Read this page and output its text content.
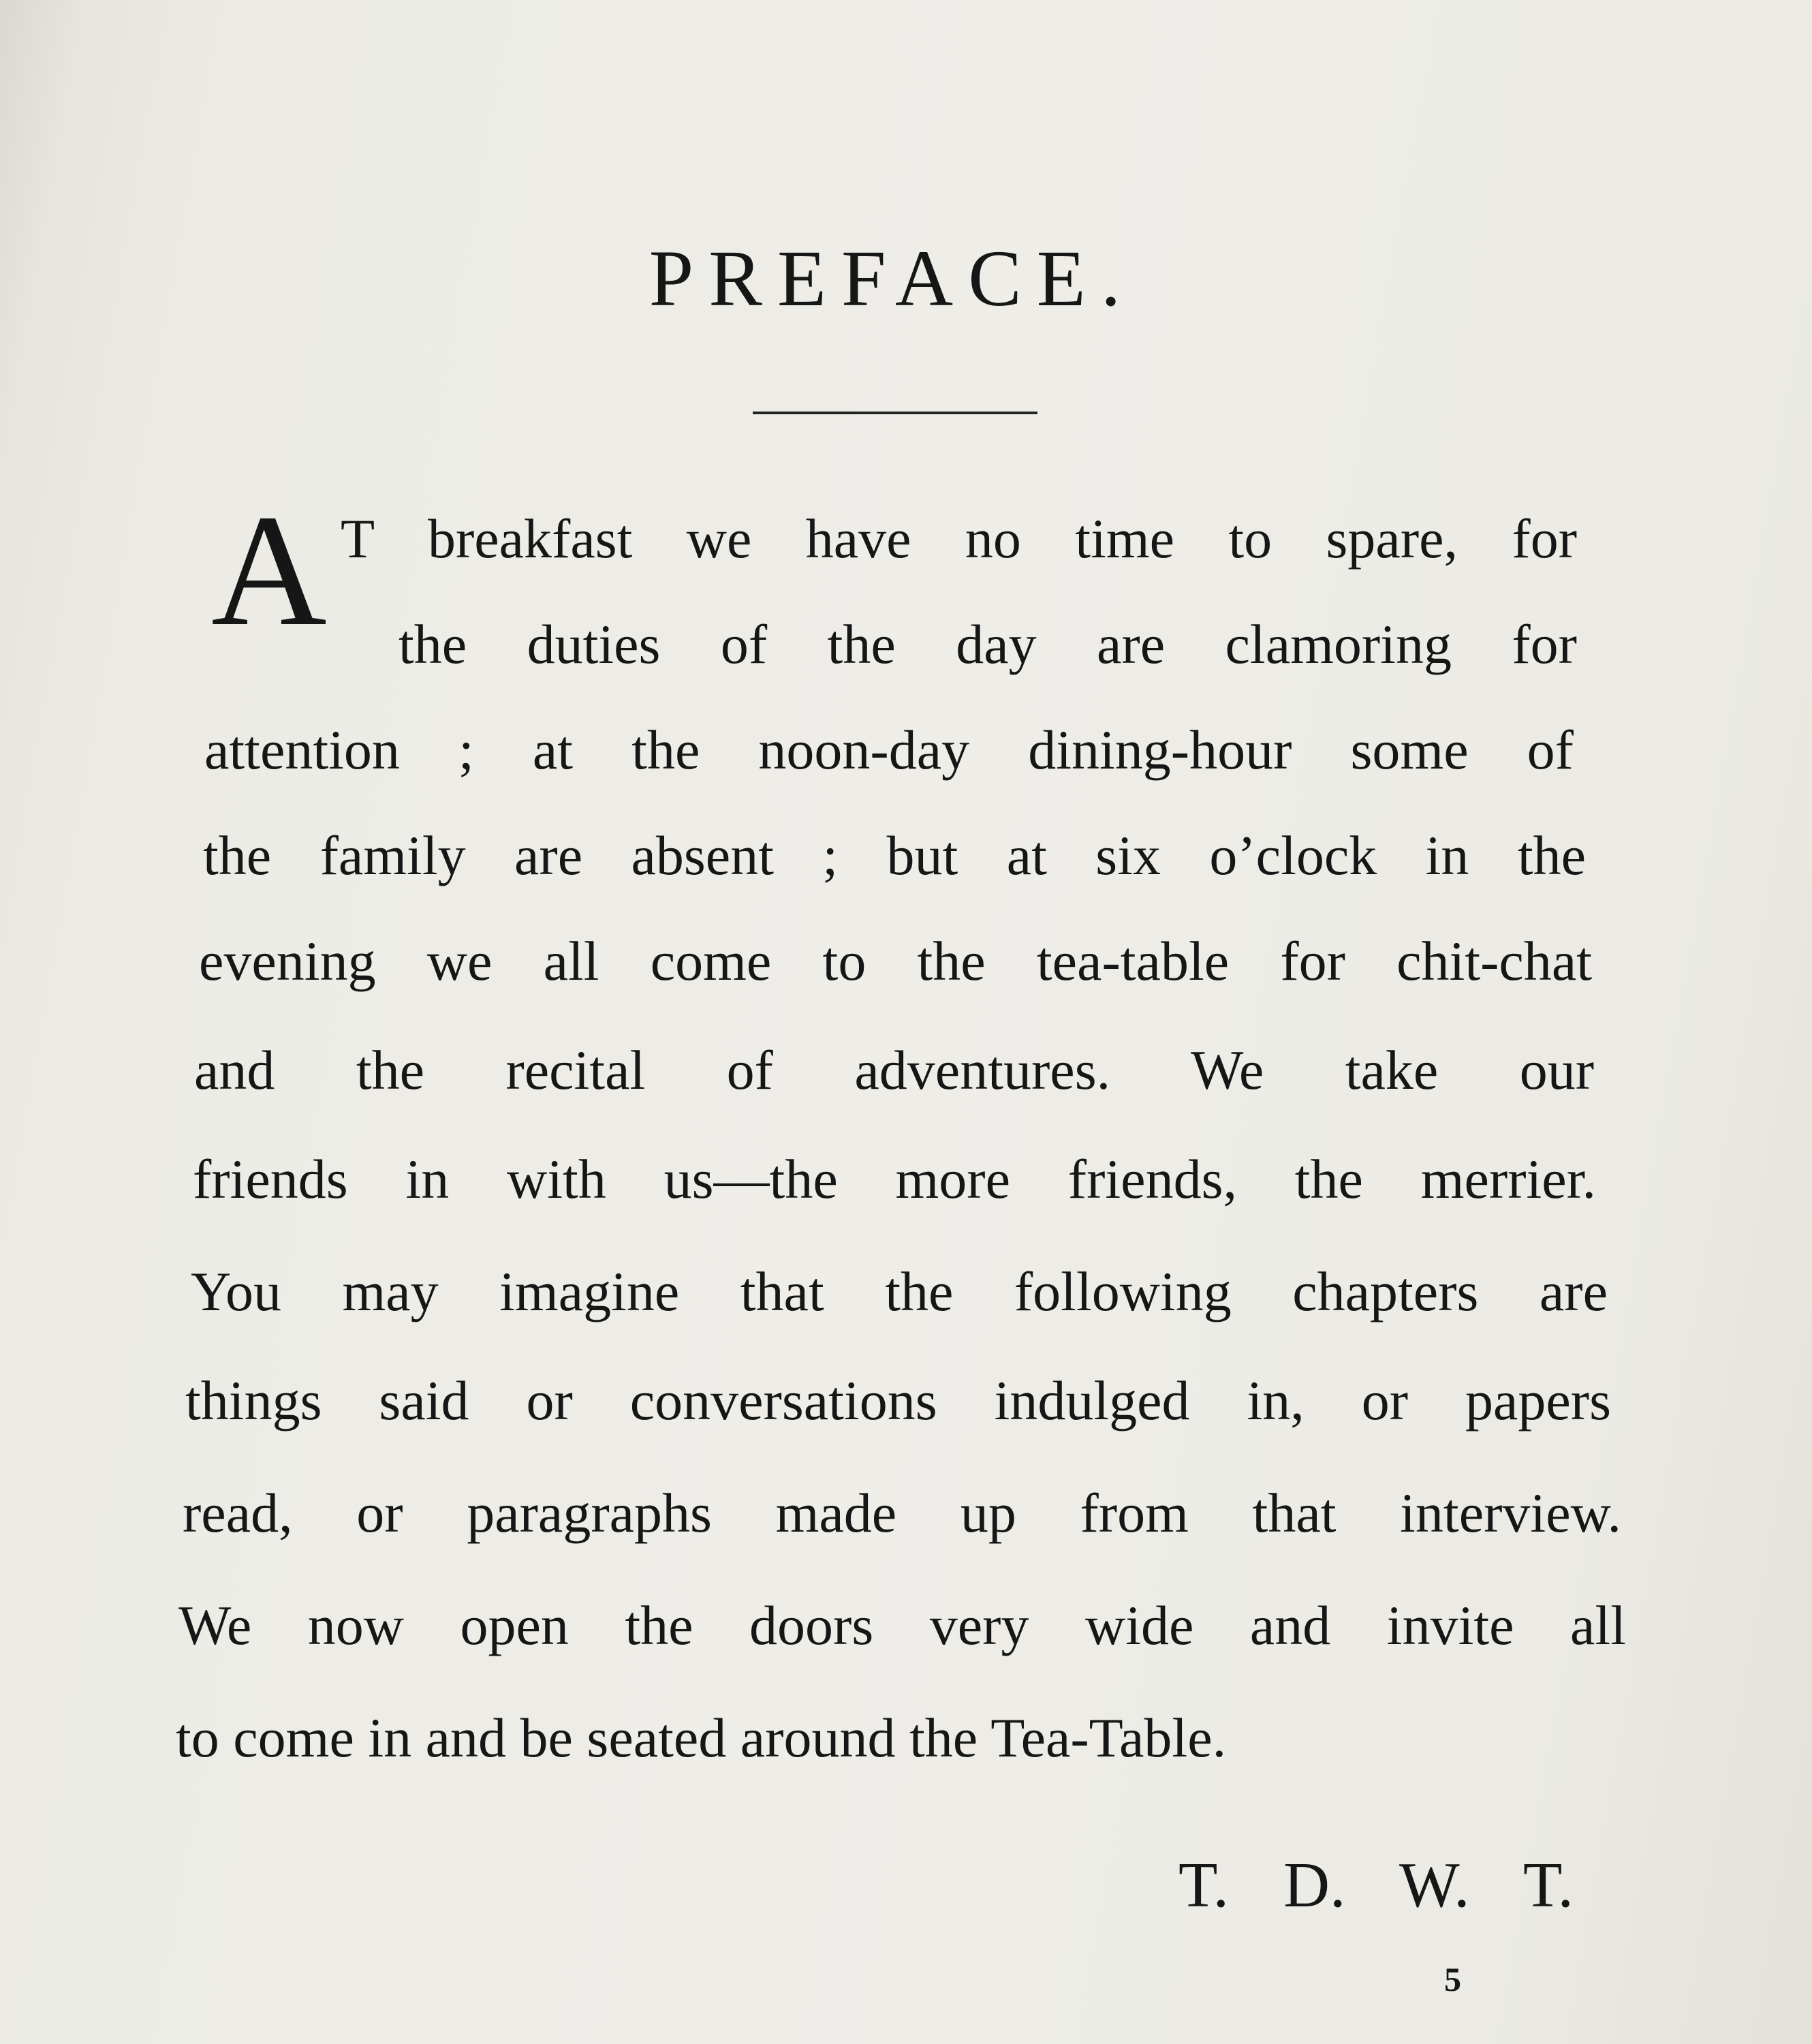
PREFACE.
A T breakfast we have no time to spare, for
the duties of the day are clamoring for
attention ; at the noon-day dining-hour some of
the family are absent ; but at six o’clock in the
evening we all come to the tea-table for chit-chat
and the recital of adventures. We take our
friends in with us—the more friends, the merrier.
You may imagine that the following chapters are
things said or conversations indulged in, or papers
read, or paragraphs made up from that interview.
We now open the doors very wide and invite all
to come in and be seated around the Tea-Table.
T. D. W. T.
5
